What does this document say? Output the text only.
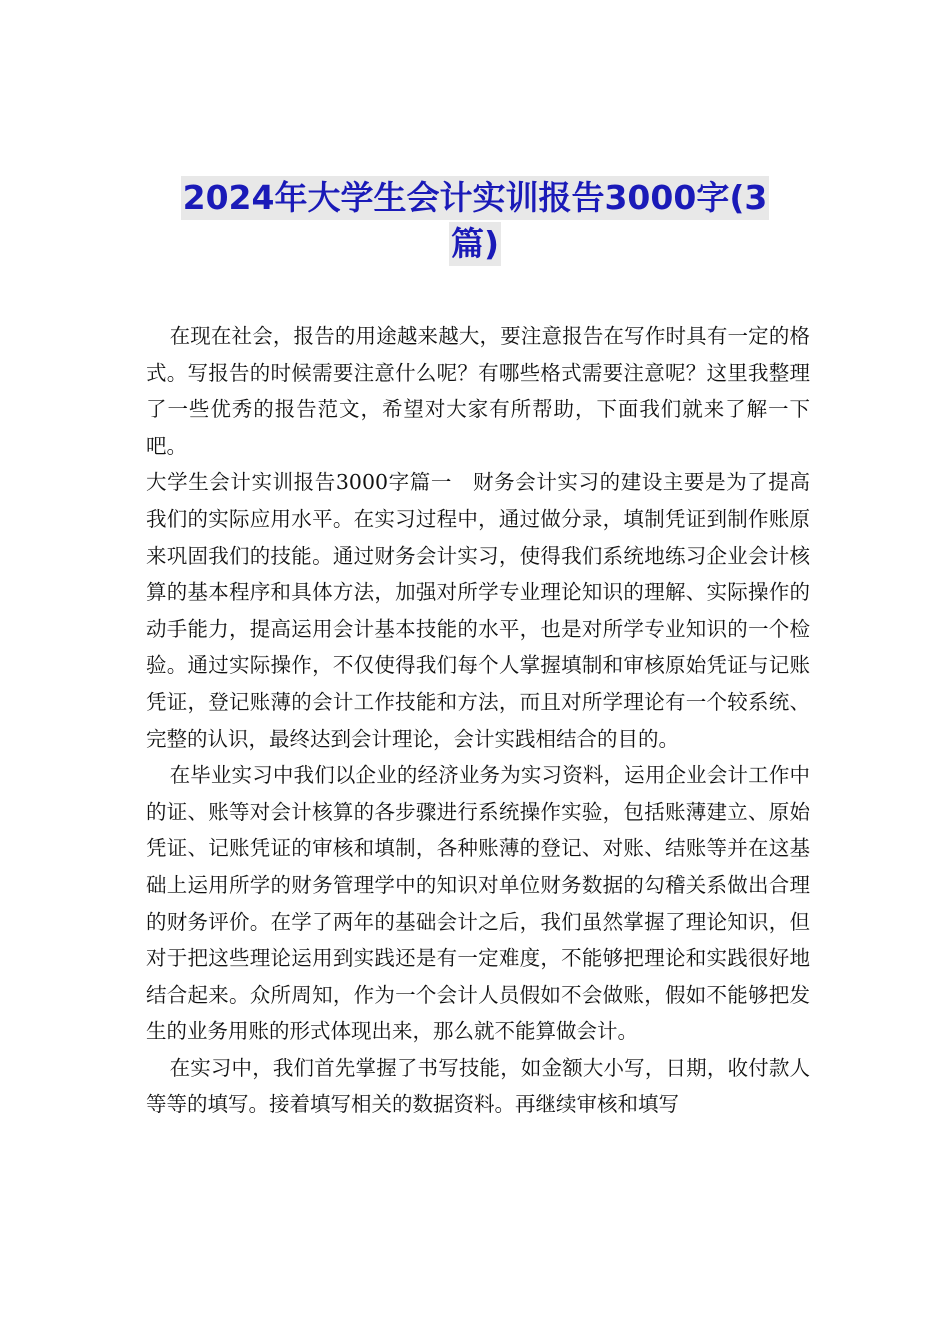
2024年大学生会计实训报告3000字(3
篇)

在现在社会，报告的用途越来越大，要注意报告在写作时具有一定的格式。写报告的时候需要注意什么呢？有哪些格式需要注意呢？这里我整理了一些优秀的报告范文，希望对大家有所帮助，下面我们就来了解一下吧。

大学生会计实训报告3000字篇一　财务会计实习的建设主要是为了提高我们的实际应用水平。在实习过程中，通过做分录，填制凭证到制作账原来巩固我们的技能。通过财务会计实习，使得我们系统地练习企业会计核算的基本程序和具体方法，加强对所学专业理论知识的理解、实际操作的动手能力，提高运用会计基本技能的水平，也是对所学专业知识的一个检验。通过实际操作，不仅使得我们每个人掌握填制和审核原始凭证与记账凭证，登记账薄的会计工作技能和方法，而且对所学理论有一个较系统、完整的认识，最终达到会计理论，会计实践相结合的目的。

在毕业实习中我们以企业的经济业务为实习资料，运用企业会计工作中的证、账等对会计核算的各步骤进行系统操作实验，包括账薄建立、原始凭证、记账凭证的审核和填制，各种账薄的登记、对账、结账等并在这基础上运用所学的财务管理学中的知识对单位财务数据的勾稽关系做出合理的财务评价。在学了两年的基础会计之后，我们虽然掌握了理论知识，但对于把这些理论运用到实践还是有一定难度，不能够把理论和实践很好地结合起来。众所周知，作为一个会计人员假如不会做账，假如不能够把发生的业务用账的形式体现出来，那么就不能算做会计。

在实习中，我们首先掌握了书写技能，如金额大小写，日期，收付款人等等的填写。接着填写相关的数据资料。再继续审核和填写
